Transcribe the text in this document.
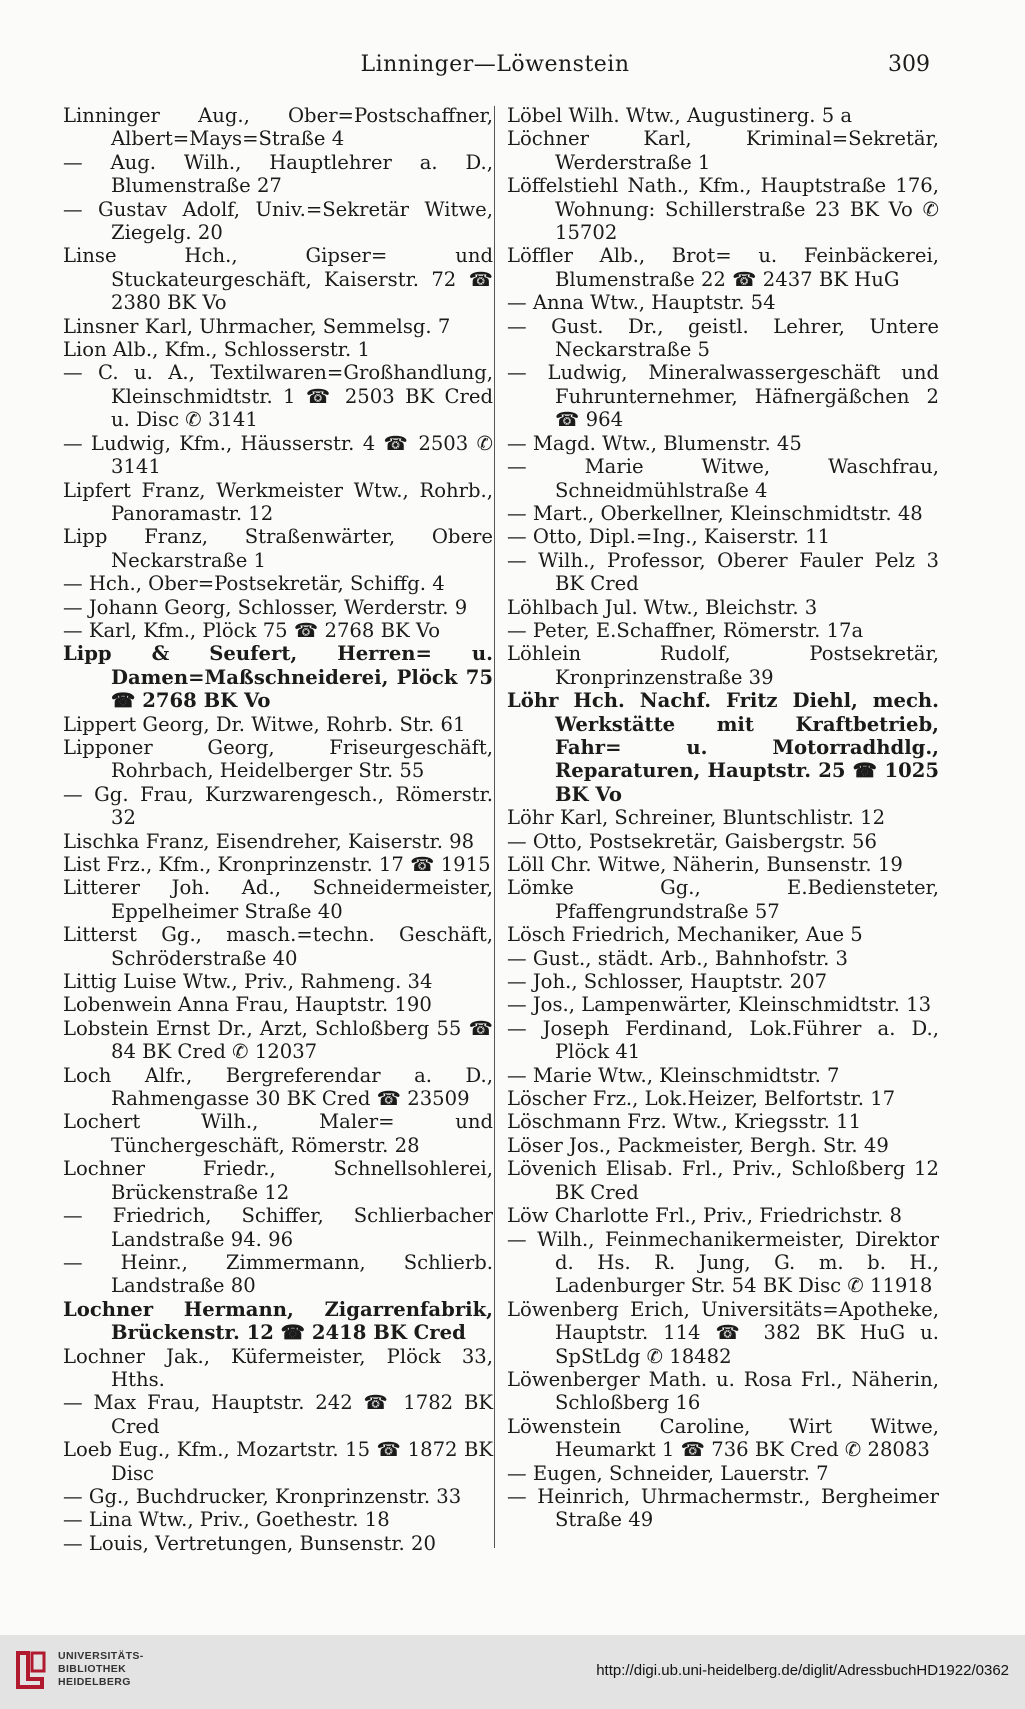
Linninger—Löwenstein	309

Linninger Aug., Ober=Postschaffner, Albert=Mays=Straße 4

— Aug. Wilh., Hauptlehrer a. D., Blumenstraße 27

— Gustav Adolf, Univ.=Sekretär Witwe, Ziegelg. 20

Linse Hch., Gipser= und Stuckateurgeschäft, Kaiserstr. 72 ☎ 2380 BK Vo

Linsner Karl, Uhrmacher, Semmelsg. 7

Lion Alb., Kfm., Schlosserstr. 1

— C. u. A., Textilwaren=Großhandlung, Kleinschmidtstr. 1 ☎ 2503 BK Cred u. Disc ✆ 3141

— Ludwig, Kfm., Häusserstr. 4 ☎ 2503 ✆ 3141

Lipfert Franz, Werkmeister Wtw., Rohrb., Panoramastr. 12

Lipp Franz, Straßenwärter, Obere Neckarstraße 1

— Hch., Ober=Postsekretär, Schiffg. 4

— Johann Georg, Schlosser, Werderstr. 9

— Karl, Kfm., Plöck 75 ☎ 2768 BK Vo

Lipp & Seufert, Herren= u. Damen=Maßschneiderei, Plöck 75 ☎ 2768 BK Vo

Lippert Georg, Dr. Witwe, Rohrb. Str. 61

Lipponer Georg, Friseurgeschäft, Rohrbach, Heidelberger Str. 55

— Gg. Frau, Kurzwarengesch., Römerstr. 32

Lischka Franz, Eisendreher, Kaiserstr. 98

List Frz., Kfm., Kronprinzenstr. 17 ☎ 1915

Litterer Joh. Ad., Schneidermeister, Eppelheimer Straße 40

Litterst Gg., masch.=techn. Geschäft, Schröderstraße 40

Littig Luise Wtw., Priv., Rahmeng. 34

Lobenwein Anna Frau, Hauptstr. 190

Lobstein Ernst Dr., Arzt, Schloßberg 55 ☎ 84 BK Cred ✆ 12037

Loch Alfr., Bergreferendar a. D., Rahmengasse 30 BK Cred ☎ 23509

Lochert Wilh., Maler= und Tünchergeschäft, Römerstr. 28

Lochner Friedr., Schnellsohlerei, Brückenstraße 12

— Friedrich, Schiffer, Schlierbacher Landstraße 94. 96

— Heinr., Zimmermann, Schlierb. Landstraße 80

Lochner Hermann, Zigarrenfabrik, Brückenstr. 12 ☎ 2418 BK Cred

Lochner Jak., Küfermeister, Plöck 33, Hths.

— Max Frau, Hauptstr. 242 ☎ 1782 BK Cred

Loeb Eug., Kfm., Mozartstr. 15 ☎ 1872 BK Disc

— Gg., Buchdrucker, Kronprinzenstr. 33

— Lina Wtw., Priv., Goethestr. 18

— Louis, Vertretungen, Bunsenstr. 20

Löbel Wilh. Wtw., Augustinerg. 5 a

Löchner Karl, Kriminal=Sekretär, Werderstraße 1

Löffelstiehl Nath., Kfm., Hauptstraße 176, Wohnung: Schillerstraße 23 BK Vo ✆ 15702

Löffler Alb., Brot= u. Feinbäckerei, Blumenstraße 22 ☎ 2437 BK HuG

— Anna Wtw., Hauptstr. 54

— Gust. Dr., geistl. Lehrer, Untere Neckarstraße 5

— Ludwig, Mineralwassergeschäft und Fuhrunternehmer, Häfnergäßchen 2 ☎ 964

— Magd. Wtw., Blumenstr. 45

— Marie Witwe, Waschfrau, Schneidmühlstraße 4

— Mart., Oberkellner, Kleinschmidtstr. 48

— Otto, Dipl.=Ing., Kaiserstr. 11

— Wilh., Professor, Oberer Fauler Pelz 3 BK Cred

Löhlbach Jul. Wtw., Bleichstr. 3

— Peter, E.Schaffner, Römerstr. 17a

Löhlein Rudolf, Postsekretär, Kronprinzenstraße 39

Löhr Hch. Nachf. Fritz Diehl, mech. Werkstätte mit Kraftbetrieb, Fahr= u. Motorradhdlg., Reparaturen, Hauptstr. 25 ☎ 1025 BK Vo

Löhr Karl, Schreiner, Bluntschlistr. 12

— Otto, Postsekretär, Gaisbergstr. 56

Löll Chr. Witwe, Näherin, Bunsenstr. 19

Lömke Gg., E.Bediensteter, Pfaffengrundstraße 57

Lösch Friedrich, Mechaniker, Aue 5

— Gust., städt. Arb., Bahnhofstr. 3

— Joh., Schlosser, Hauptstr. 207

— Jos., Lampenwärter, Kleinschmidtstr. 13

— Joseph Ferdinand, Lok.Führer a. D., Plöck 41

— Marie Wtw., Kleinschmidtstr. 7

Löscher Frz., Lok.Heizer, Belfortstr. 17

Löschmann Frz. Wtw., Kriegsstr. 11

Löser Jos., Packmeister, Bergh. Str. 49

Lövenich Elisab. Frl., Priv., Schloßberg 12 BK Cred

Löw Charlotte Frl., Priv., Friedrichstr. 8

— Wilh., Feinmechanikermeister, Direktor d. Hs. R. Jung, G. m. b. H., Ladenburger Str. 54 BK Disc ✆ 11918

Löwenberg Erich, Universitäts=Apotheke, Hauptstr. 114 ☎ 382 BK HuG u. SpStLdg ✆ 18482

Löwenberger Math. u. Rosa Frl., Näherin, Schloßberg 16

Löwenstein Caroline, Wirt Witwe, Heumarkt 1 ☎ 736 BK Cred ✆ 28083

— Eugen, Schneider, Lauerstr. 7

— Heinrich, Uhrmachermstr., Bergheimer Straße 49

UNIVERSITÄTS-
BIBLIOTHEK
HEIDELBERG
http://digi.ub.uni-heidelberg.de/diglit/AdressbuchHD1922/0362
